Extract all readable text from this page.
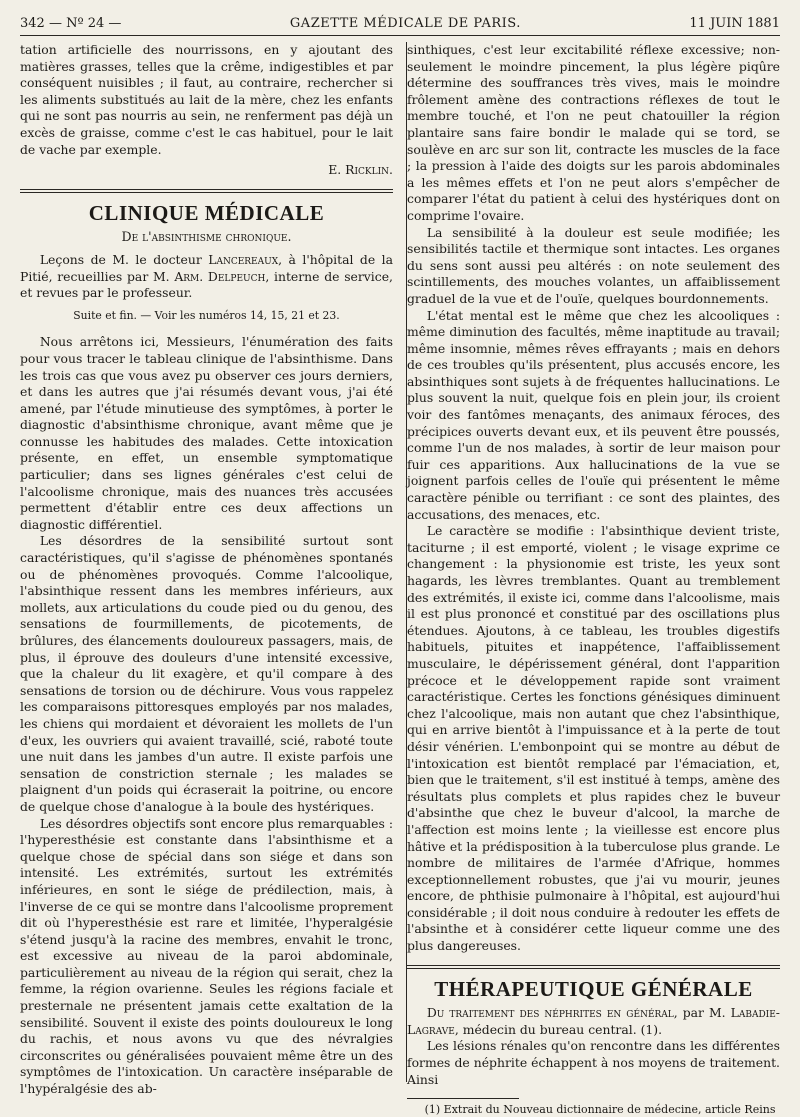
342 — Nº 24 —	GAZETTE MÉDICALE DE PARIS.	11 JUIN 1881

tation artificielle des nourrissons, en y ajoutant des matières grasses, telles que la crême, indigestibles et par conséquent nuisibles ; il faut, au contraire, rechercher si les aliments substitués au lait de la mère, chez les enfants qui ne sont pas nourris au sein, ne renferment pas déjà un excès de graisse, comme c'est le cas habituel, pour le lait de vache par exemple.

E. Ricklin.
CLINIQUE MÉDICALE
De l'absinthisme chronique.

Leçons de M. le docteur Lancereaux, à l'hôpital de la Pitié, recueillies par M. Arm. Delpeuch, interne de service, et revues par le professeur.

Suite et fin. — Voir les numéros 14, 15, 21 et 23.

Nous arrêtons ici, Messieurs, l'énumération des faits pour vous tracer le tableau clinique de l'absinthisme. Dans les trois cas que vous avez pu observer ces jours derniers, et dans les autres que j'ai résumés devant vous, j'ai été amené, par l'étude minutieuse des symptômes, à porter le diagnostic d'absinthisme chronique, avant même que je connusse les habitudes des malades. Cette intoxication présente, en effet, un ensemble symptomatique particulier; dans ses lignes générales c'est celui de l'alcoolisme chronique, mais des nuances très accusées permettent d'établir entre ces deux affections un diagnostic différentiel.

Les désordres de la sensibilité surtout sont caractéristiques, qu'il s'agisse de phénomènes spontanés ou de phénomènes provoqués. Comme l'alcoolique, l'absinthique ressent dans les membres inférieurs, aux mollets, aux articulations du coude pied ou du genou, des sensations de fourmillements, de picotements, de brûlures, des élancements douloureux passagers, mais, de plus, il éprouve des douleurs d'une intensité excessive, que la chaleur du lit exagère, et qu'il compare à des sensations de torsion ou de déchirure. Vous vous rappelez les comparaisons pittoresques employés par nos malades, les chiens qui mordaient et dévoraient les mollets de l'un d'eux, les ouvriers qui avaient travaillé, scié, raboté toute une nuit dans les jambes d'un autre. Il existe parfois une sensation de constriction sternale ; les malades se plaignent d'un poids qui écraserait la poitrine, ou encore de quelque chose d'analogue à la boule des hystériques.

Les désordres objectifs sont encore plus remarquables : l'hyperesthésie est constante dans l'absinthisme et a quelque chose de spécial dans son siége et dans son intensité. Les extrémités, surtout les extrémités inférieures, en sont le siége de prédilection, mais, à l'inverse de ce qui se montre dans l'alcoolisme proprement dit où l'hyperesthésie est rare et limitée, l'hyperalgésie s'étend jusqu'à la racine des membres, envahit le tronc, est excessive au niveau de la paroi abdominale, particulièrement au niveau de la région qui serait, chez la femme, la région ovarienne. Seules les régions faciale et presternale ne présentent jamais cette exaltation de la sensibilité. Souvent il existe des points douloureux le long du rachis, et nous avons vu que des névralgies circonscrites ou généralisées pouvaient même être un des symptômes de l'intoxication. Un caractère inséparable de l'hypéralgésie des ab-

sinthiques, c'est leur excitabilité réflexe excessive; non-seulement le moindre pincement, la plus légère piqûre détermine des souffrances très vives, mais le moindre frôlement amène des contractions réflexes de tout le membre touché, et l'on ne peut chatouiller la région plantaire sans faire bondir le malade qui se tord, se soulève en arc sur son lit, contracte les muscles de la face ; la pression à l'aide des doigts sur les parois abdominales a les mêmes effets et l'on ne peut alors s'empêcher de comparer l'état du patient à celui des hystériques dont on comprime l'ovaire.

La sensibilité à la douleur est seule modifiée; les sensibilités tactile et thermique sont intactes. Les organes du sens sont aussi peu altérés : on note seulement des scintillements, des mouches volantes, un affaiblissement graduel de la vue et de l'ouïe, quelques bourdonnements.

L'état mental est le même que chez les alcooliques : même diminution des facultés, même inaptitude au travail; même insomnie, mêmes rêves effrayants ; mais en dehors de ces troubles qu'ils présentent, plus accusés encore, les absinthiques sont sujets à de fréquentes hallucinations. Le plus souvent la nuit, quelque fois en plein jour, ils croient voir des fantômes menaçants, des animaux féroces, des précipices ouverts devant eux, et ils peuvent être poussés, comme l'un de nos malades, à sortir de leur maison pour fuir ces apparitions. Aux hallucinations de la vue se joignent parfois celles de l'ouïe qui présentent le même caractère pénible ou terrifiant : ce sont des plaintes, des accusations, des menaces, etc.

Le caractère se modifie : l'absinthique devient triste, taciturne ; il est emporté, violent ; le visage exprime ce changement : la physionomie est triste, les yeux sont hagards, les lèvres tremblantes. Quant au tremblement des extrémités, il existe ici, comme dans l'alcoolisme, mais il est plus prononcé et constitué par des oscillations plus étendues. Ajoutons, à ce tableau, les troubles digestifs habituels, pituites et inappétence, l'affaiblissement musculaire, le dépérissement général, dont l'apparition précoce et le développement rapide sont vraiment caractéristique. Certes les fonctions génésiques diminuent chez l'alcoolique, mais non autant que chez l'absinthique, qui en arrive bientôt à l'impuissance et à la perte de tout désir vénérien. L'embonpoint qui se montre au début de l'intoxication est bientôt remplacé par l'émaciation, et, bien que le traitement, s'il est institué à temps, amène des résultats plus complets et plus rapides chez le buveur d'absinthe que chez le buveur d'alcool, la marche de l'affection est moins lente ; la vieillesse est encore plus hâtive et la prédisposition à la tuberculose plus grande. Le nombre de militaires de l'armée d'Afrique, hommes exceptionnellement robustes, que j'ai vu mourir, jeunes encore, de phthisie pulmonaire à l'hôpital, est aujourd'hui considérable ; il doit nous conduire à redouter les effets de l'absinthe et à considérer cette liqueur comme une des plus dangereuses.

THÉRAPEUTIQUE GÉNÉRALE

Du traitement des néphrites en général, par M. Labadie-Lagrave, médecin du bureau central. (1).

Les lésions rénales qu'on rencontre dans les différentes formes de néphrite échappent à nos moyens de traitement. Ainsi

(1) Extrait du Nouveau dictionnaire de médecine, article Reins
